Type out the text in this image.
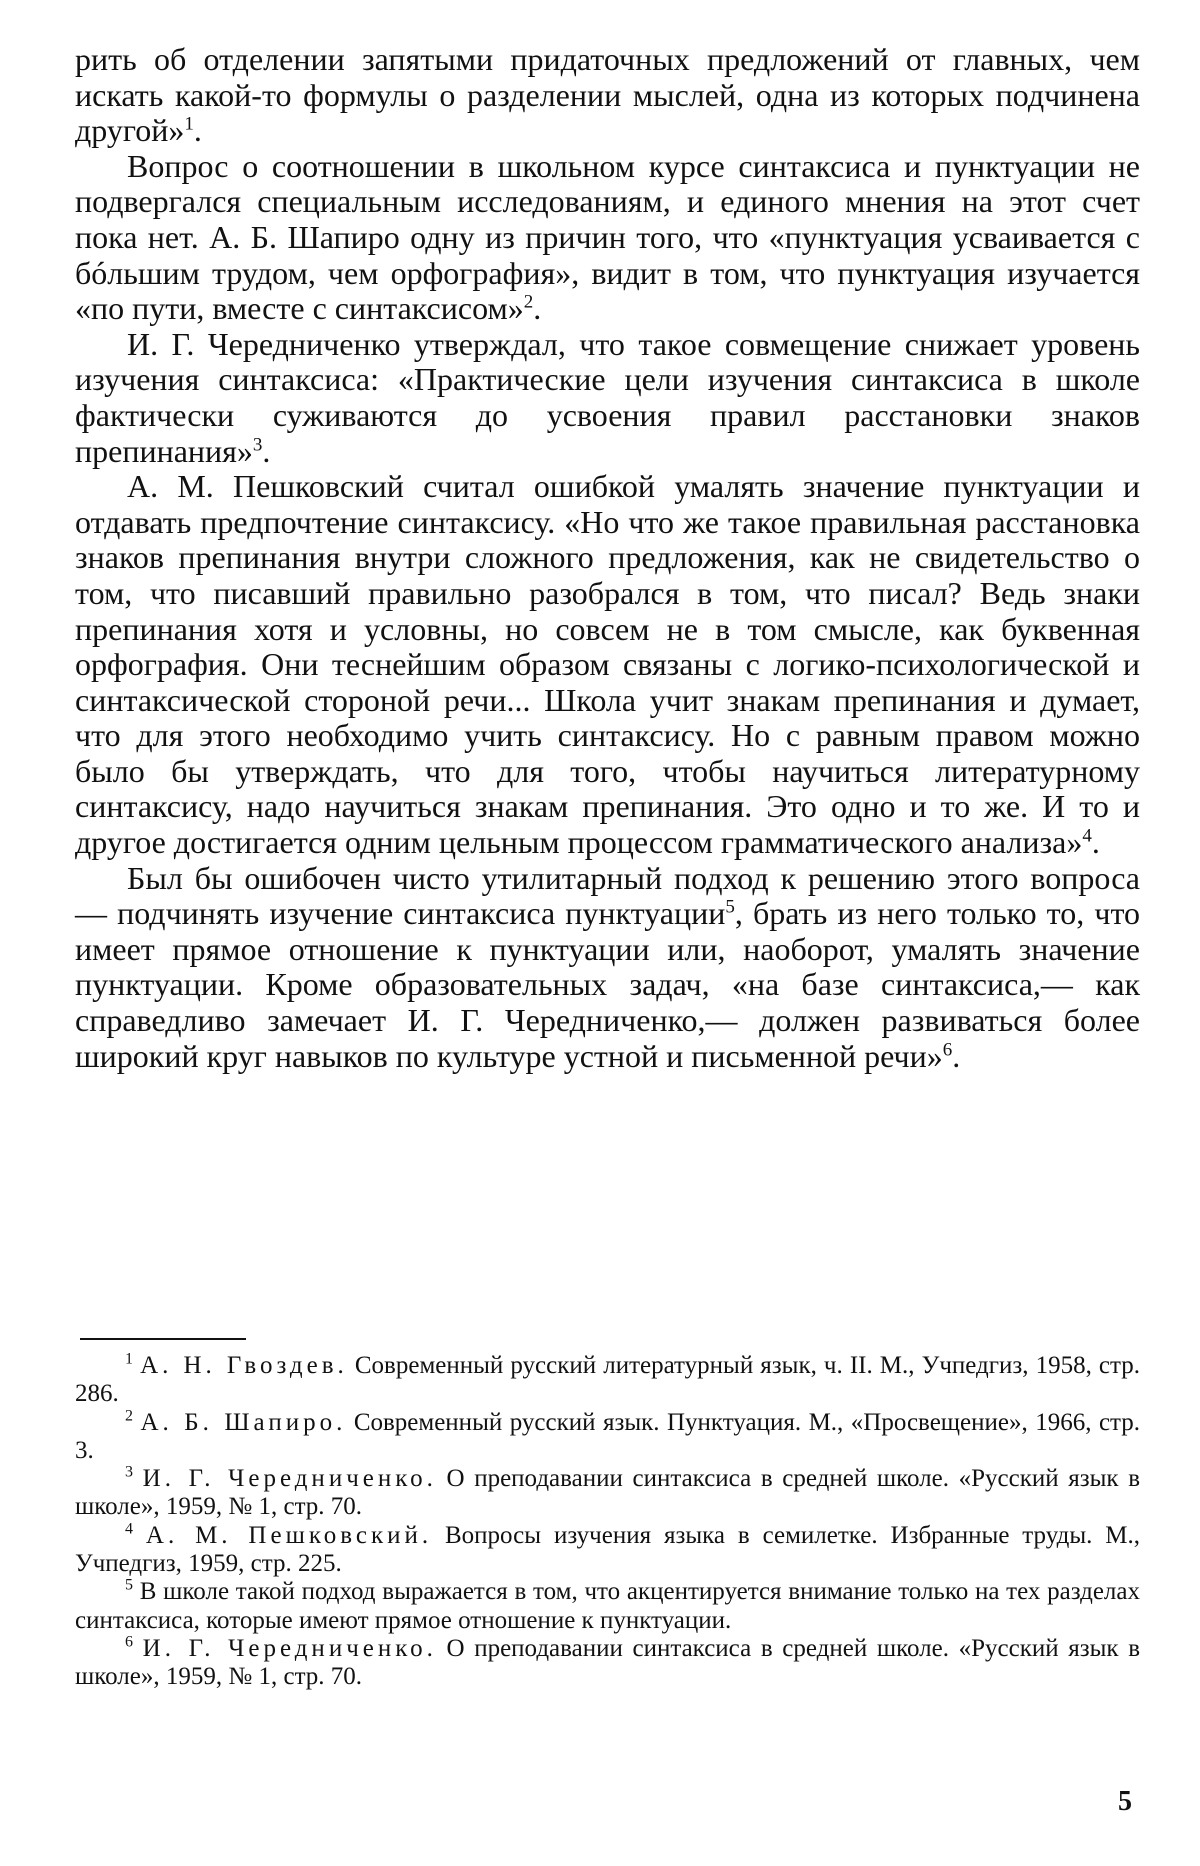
рить об отделении запятыми придаточных предложений от главных, чем искать какой-то формулы о разделении мыслей, одна из которых подчинена другой»$^1$.

Вопрос о соотношении в школьном курсе синтаксиса и пунктуации не подвергался специальным исследованиям, и единого мнения на этот счет пока нет. А. Б. Шапиро одну из причин того, что «пунктуация усваивается с бóльшим трудом, чем орфография», видит в том, что пунктуация изучается «по пути, вместе с синтаксисом»$^2$.

И. Г. Чередниченко утверждал, что такое совмещение снижает уровень изучения синтаксиса: «Практические цели изучения синтаксиса в школе фактически суживаются до усвоения правил расстановки знаков препинания»$^3$.

А. М. Пешковский считал ошибкой умалять значение пунктуации и отдавать предпочтение синтаксису. «Но что же такое правильная расстановка знаков препинания внутри сложного предложения, как не свидетельство о том, что писавший правильно разобрался в том, что писал? Ведь знаки препинания хотя и условны, но совсем не в том смысле, как буквенная орфография. Они теснейшим образом связаны с логико-психологической и синтаксической стороной речи... Школа учит знакам препинания и думает, что для этого необходимо учить синтаксису. Но с равным правом можно было бы утверждать, что для того, чтобы научиться литературному синтаксису, надо научиться знакам препинания. Это одно и то же. И то и другое достигается одним цельным процессом грамматического анализа»$^4$.

Был бы ошибочен чисто утилитарный подход к решению этого вопроса — подчинять изучение синтаксиса пунктуации$^5$, брать из него только то, что имеет прямое отношение к пунктуации или, наоборот, умалять значение пунктуации. Кроме образовательных задач, «на базе синтаксиса,— как справедливо замечает И. Г. Чередниченко,— должен развиваться более широкий круг навыков по культуре устной и письменной речи»$^6$.

$^1$ А. Н. Гвоздев. Современный русский литературный язык, ч. II. М., Учпедгиз, 1958, стр. 286.

$^2$ А. Б. Шапиро. Современный русский язык. Пунктуация. М., «Просвещение», 1966, стр. 3.

$^3$ И. Г. Чередниченко. О преподавании синтаксиса в средней школе. «Русский язык в школе», 1959, № 1, стр. 70.

$^4$ А. М. Пешковский. Вопросы изучения языка в семилетке. Избранные труды. М., Учпедгиз, 1959, стр. 225.

$^5$ В школе такой подход выражается в том, что акцентируется внимание только на тех разделах синтаксиса, которые имеют прямое отношение к пунктуации.

$^6$ И. Г. Чередниченко. О преподавании синтаксиса в средней школе. «Русский язык в школе», 1959, № 1, стр. 70.

5
